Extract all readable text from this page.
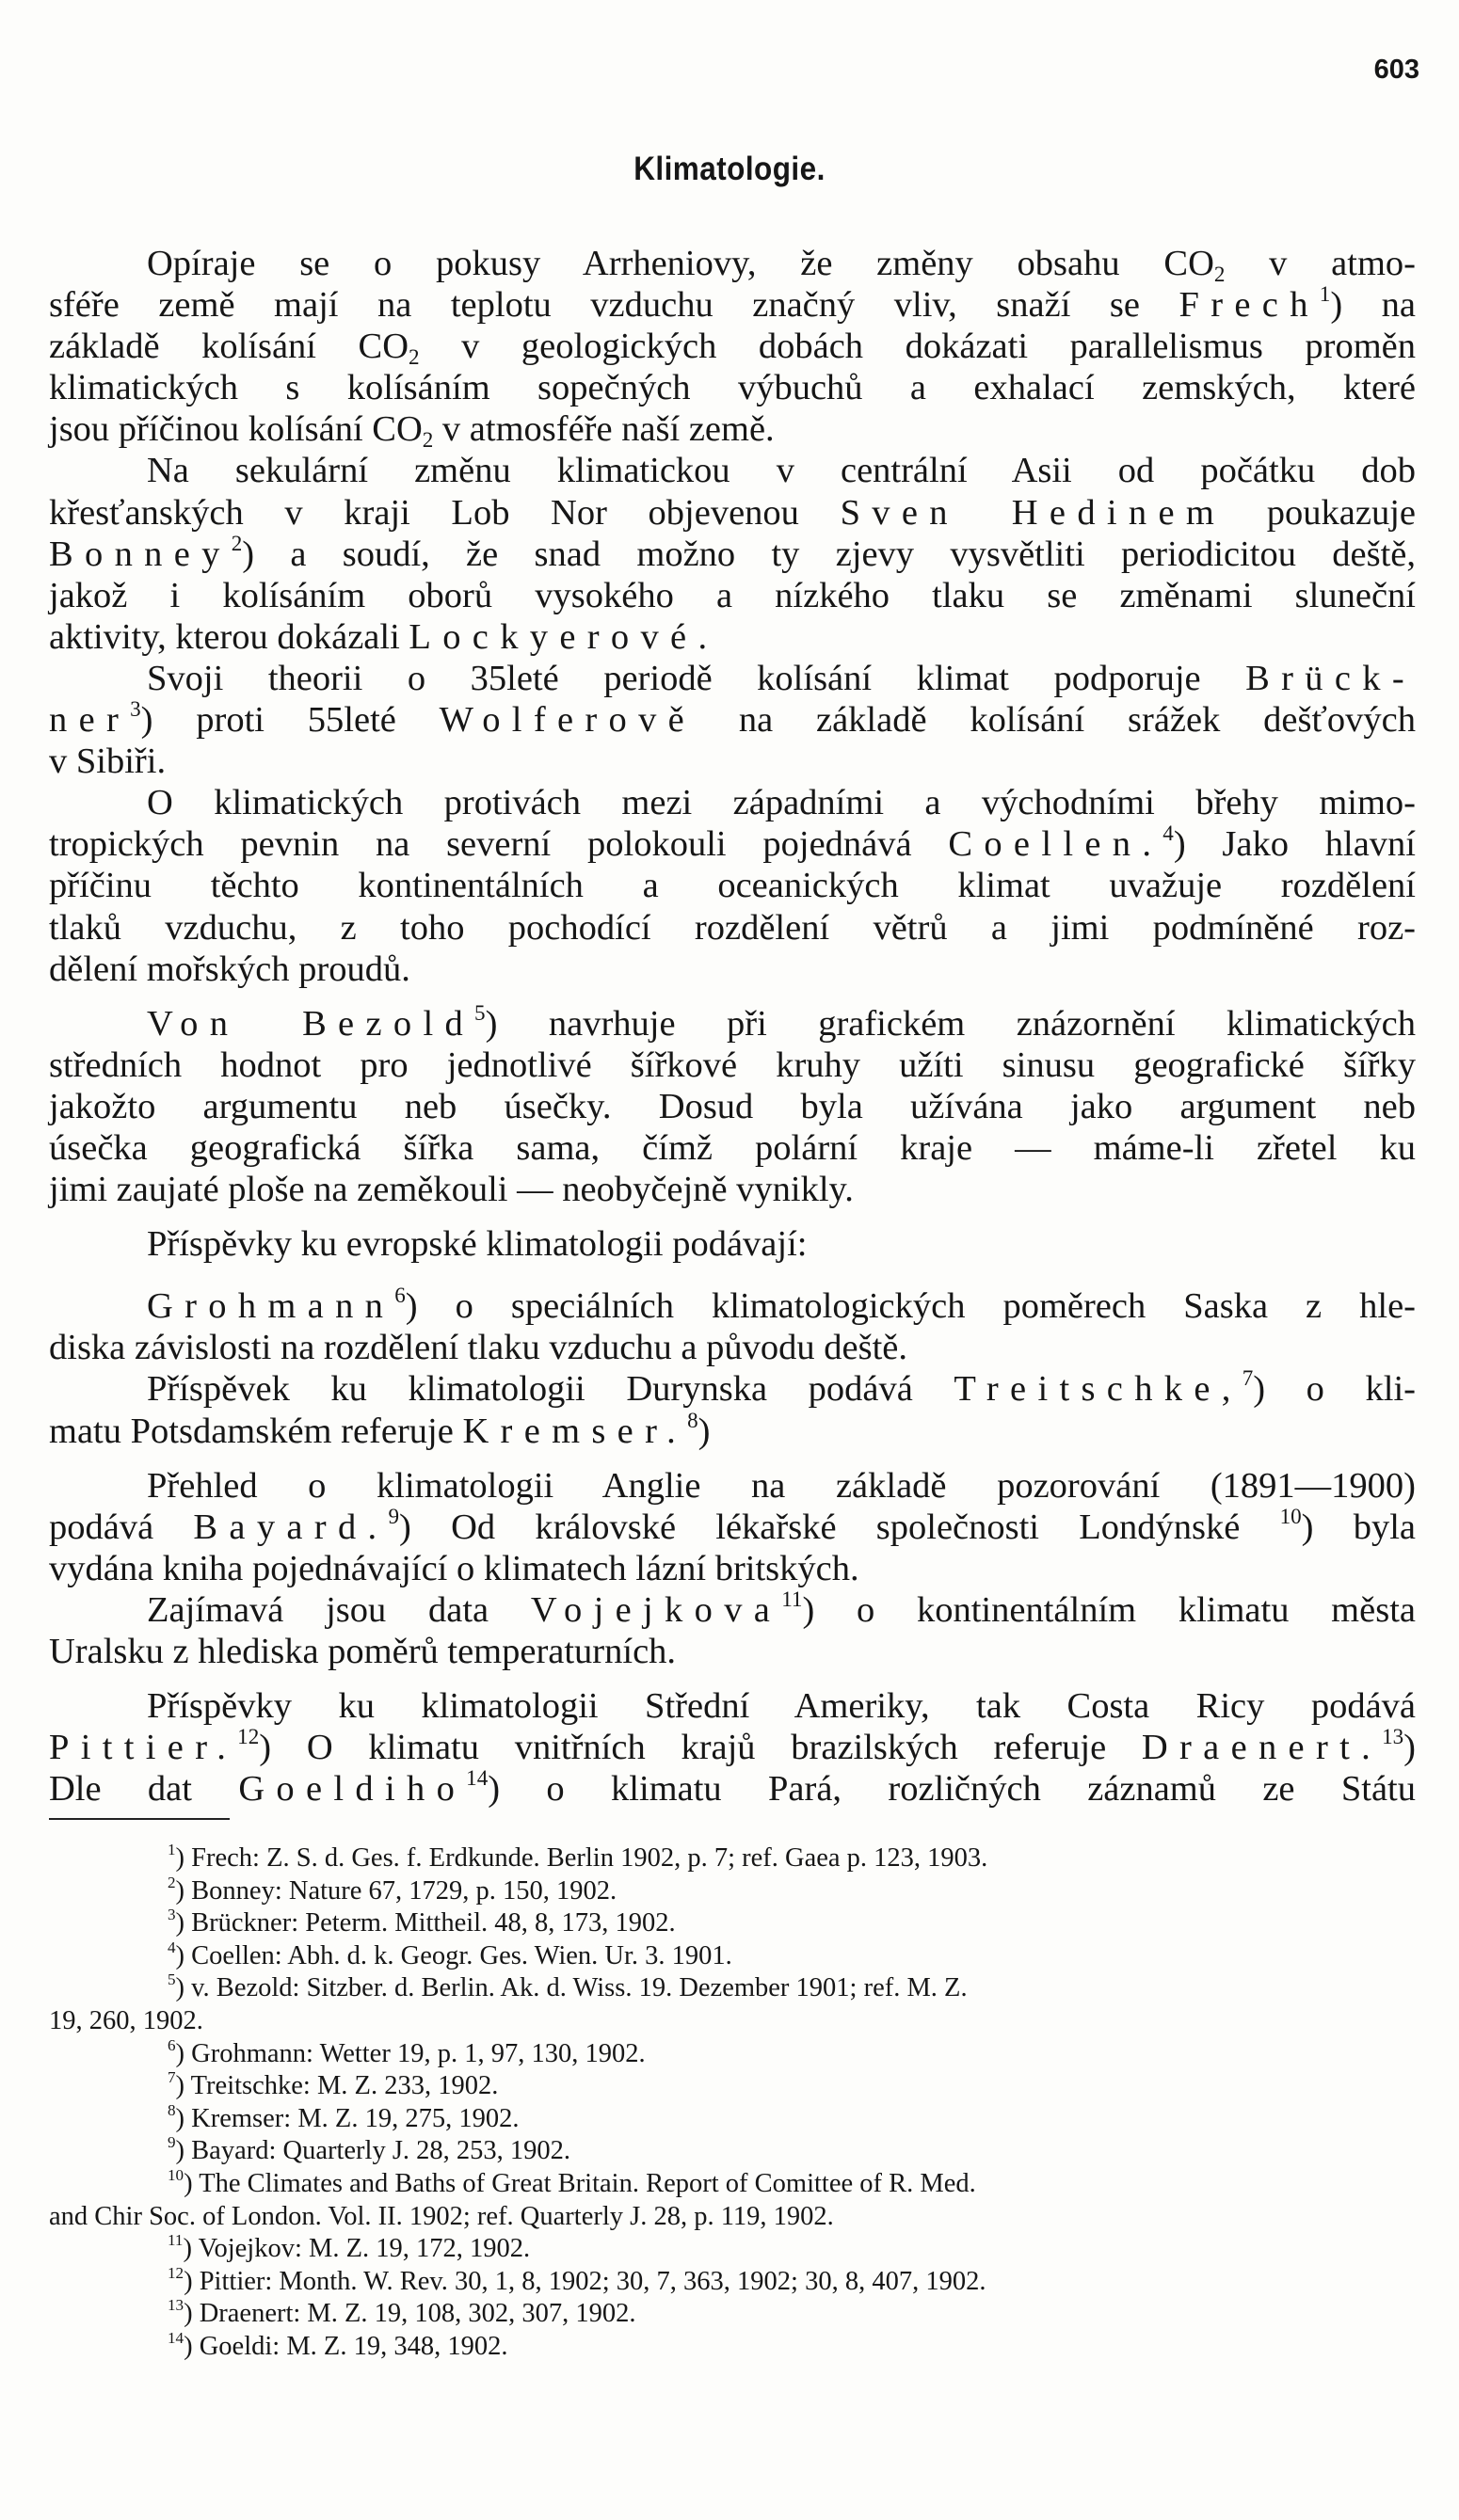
603
Klimatologie.
Opíraje se o pokusy Arrheniovy, že změny obsahu $CO_2$ v atmo-
sféře země mají na teplotu vzduchu značný vliv, snaží se Frech$^1$) na
základě kolísání $CO_2$ v geologických dobách dokázati parallelismus proměn
klimatických s kolísáním sopečných výbuchů a exhalací zemských, které
jsou příčinou kolísání $CO_2$ v atmosféře naší země.
Na sekulární změnu klimatickou v centrální Asii od počátku dob
křesťanských v kraji Lob Nor objevenou Sven Hedinem poukazuje
Bonney$^2$) a soudí, že snad možno ty zjevy vysvětliti periodicitou deště,
jakož i kolísáním oborů vysokého a nízkého tlaku se změnami sluneční
aktivity, kterou dokázali Lockyerové.
Svoji theorii o 35leté periodě kolísání klimat podporuje Brück-
ner$^3$) proti 55leté Wolferově na základě kolísání srážek dešťových
v Sibiři.
O klimatických protivách mezi západními a východními břehy mimo-
tropických pevnin na severní polokouli pojednává Coellen.$^4$) Jako hlavní
příčinu těchto kontinentálních a oceanických klimat uvažuje rozdělení
tlaků vzduchu, z toho pochodící rozdělení větrů a jimi podmíněné roz-
dělení mořských proudů.
Von Bezold$^5$) navrhuje při grafickém znázornění klimatických
středních hodnot pro jednotlivé šířkové kruhy užíti sinusu geografické šířky
jakožto argumentu neb úsečky. Dosud byla užívána jako argument neb
úsečka geografická šířka sama, čímž polární kraje — máme-li zřetel ku
jimi zaujaté ploše na zeměkouli — neobyčejně vynikly.
Příspěvky ku evropské klimatologii podávají:
Grohmann$^6$) o speciálních klimatologických poměrech Saska z hle-
diska závislosti na rozdělení tlaku vzduchu a původu deště.
Příspěvek ku klimatologii Durynska podává Treitschke,$^7$) o kli-
matu Potsdamském referuje Kremser.$^8$)
Přehled o klimatologii Anglie na základě pozorování (1891—1900)
podává Bayard.$^9$) Od královské lékařské společnosti Londýnské $^{10}$) byla
vydána kniha pojednávající o klimatech lázní britských.
Zajímavá jsou data Vojejkova$^{11}$) o kontinentálním klimatu města
Uralsku z hlediska poměrů temperaturních.
Příspěvky ku klimatologii Střední Ameriky, tak Costa Ricy podává
Pittier.$^{12}$) O klimatu vnitřních krajů brazilských referuje Draenert.$^{13}$)
Dle dat Goeldiho$^{14}$) o klimatu Pará, rozličných záznamů ze Státu
$^1$) Frech: Z. S. d. Ges. f. Erdkunde. Berlin 1902, p. 7; ref. Gaea p. 123, 1903.
$^2$) Bonney: Nature 67, 1729, p. 150, 1902.
$^3$) Brückner: Peterm. Mittheil. 48, 8, 173, 1902.
$^4$) Coellen: Abh. d. k. Geogr. Ges. Wien. Ur. 3. 1901.
$^5$) v. Bezold: Sitzber. d. Berlin. Ak. d. Wiss. 19. Dezember 1901; ref. M. Z.
19, 260, 1902.
$^6$) Grohmann: Wetter 19, p. 1, 97, 130, 1902.
$^7$) Treitschke: M. Z. 233, 1902.
$^8$) Kremser: M. Z. 19, 275, 1902.
$^9$) Bayard: Quarterly J. 28, 253, 1902.
$^{10}$) The Climates and Baths of Great Britain. Report of Comittee of R. Med.
and Chir Soc. of London. Vol. II. 1902; ref. Quarterly J. 28, p. 119, 1902.
$^{11}$) Vojejkov: M. Z. 19, 172, 1902.
$^{12}$) Pittier: Month. W. Rev. 30, 1, 8, 1902; 30, 7, 363, 1902; 30, 8, 407, 1902.
$^{13}$) Draenert: M. Z. 19, 108, 302, 307, 1902.
$^{14}$) Goeldi: M. Z. 19, 348, 1902.
